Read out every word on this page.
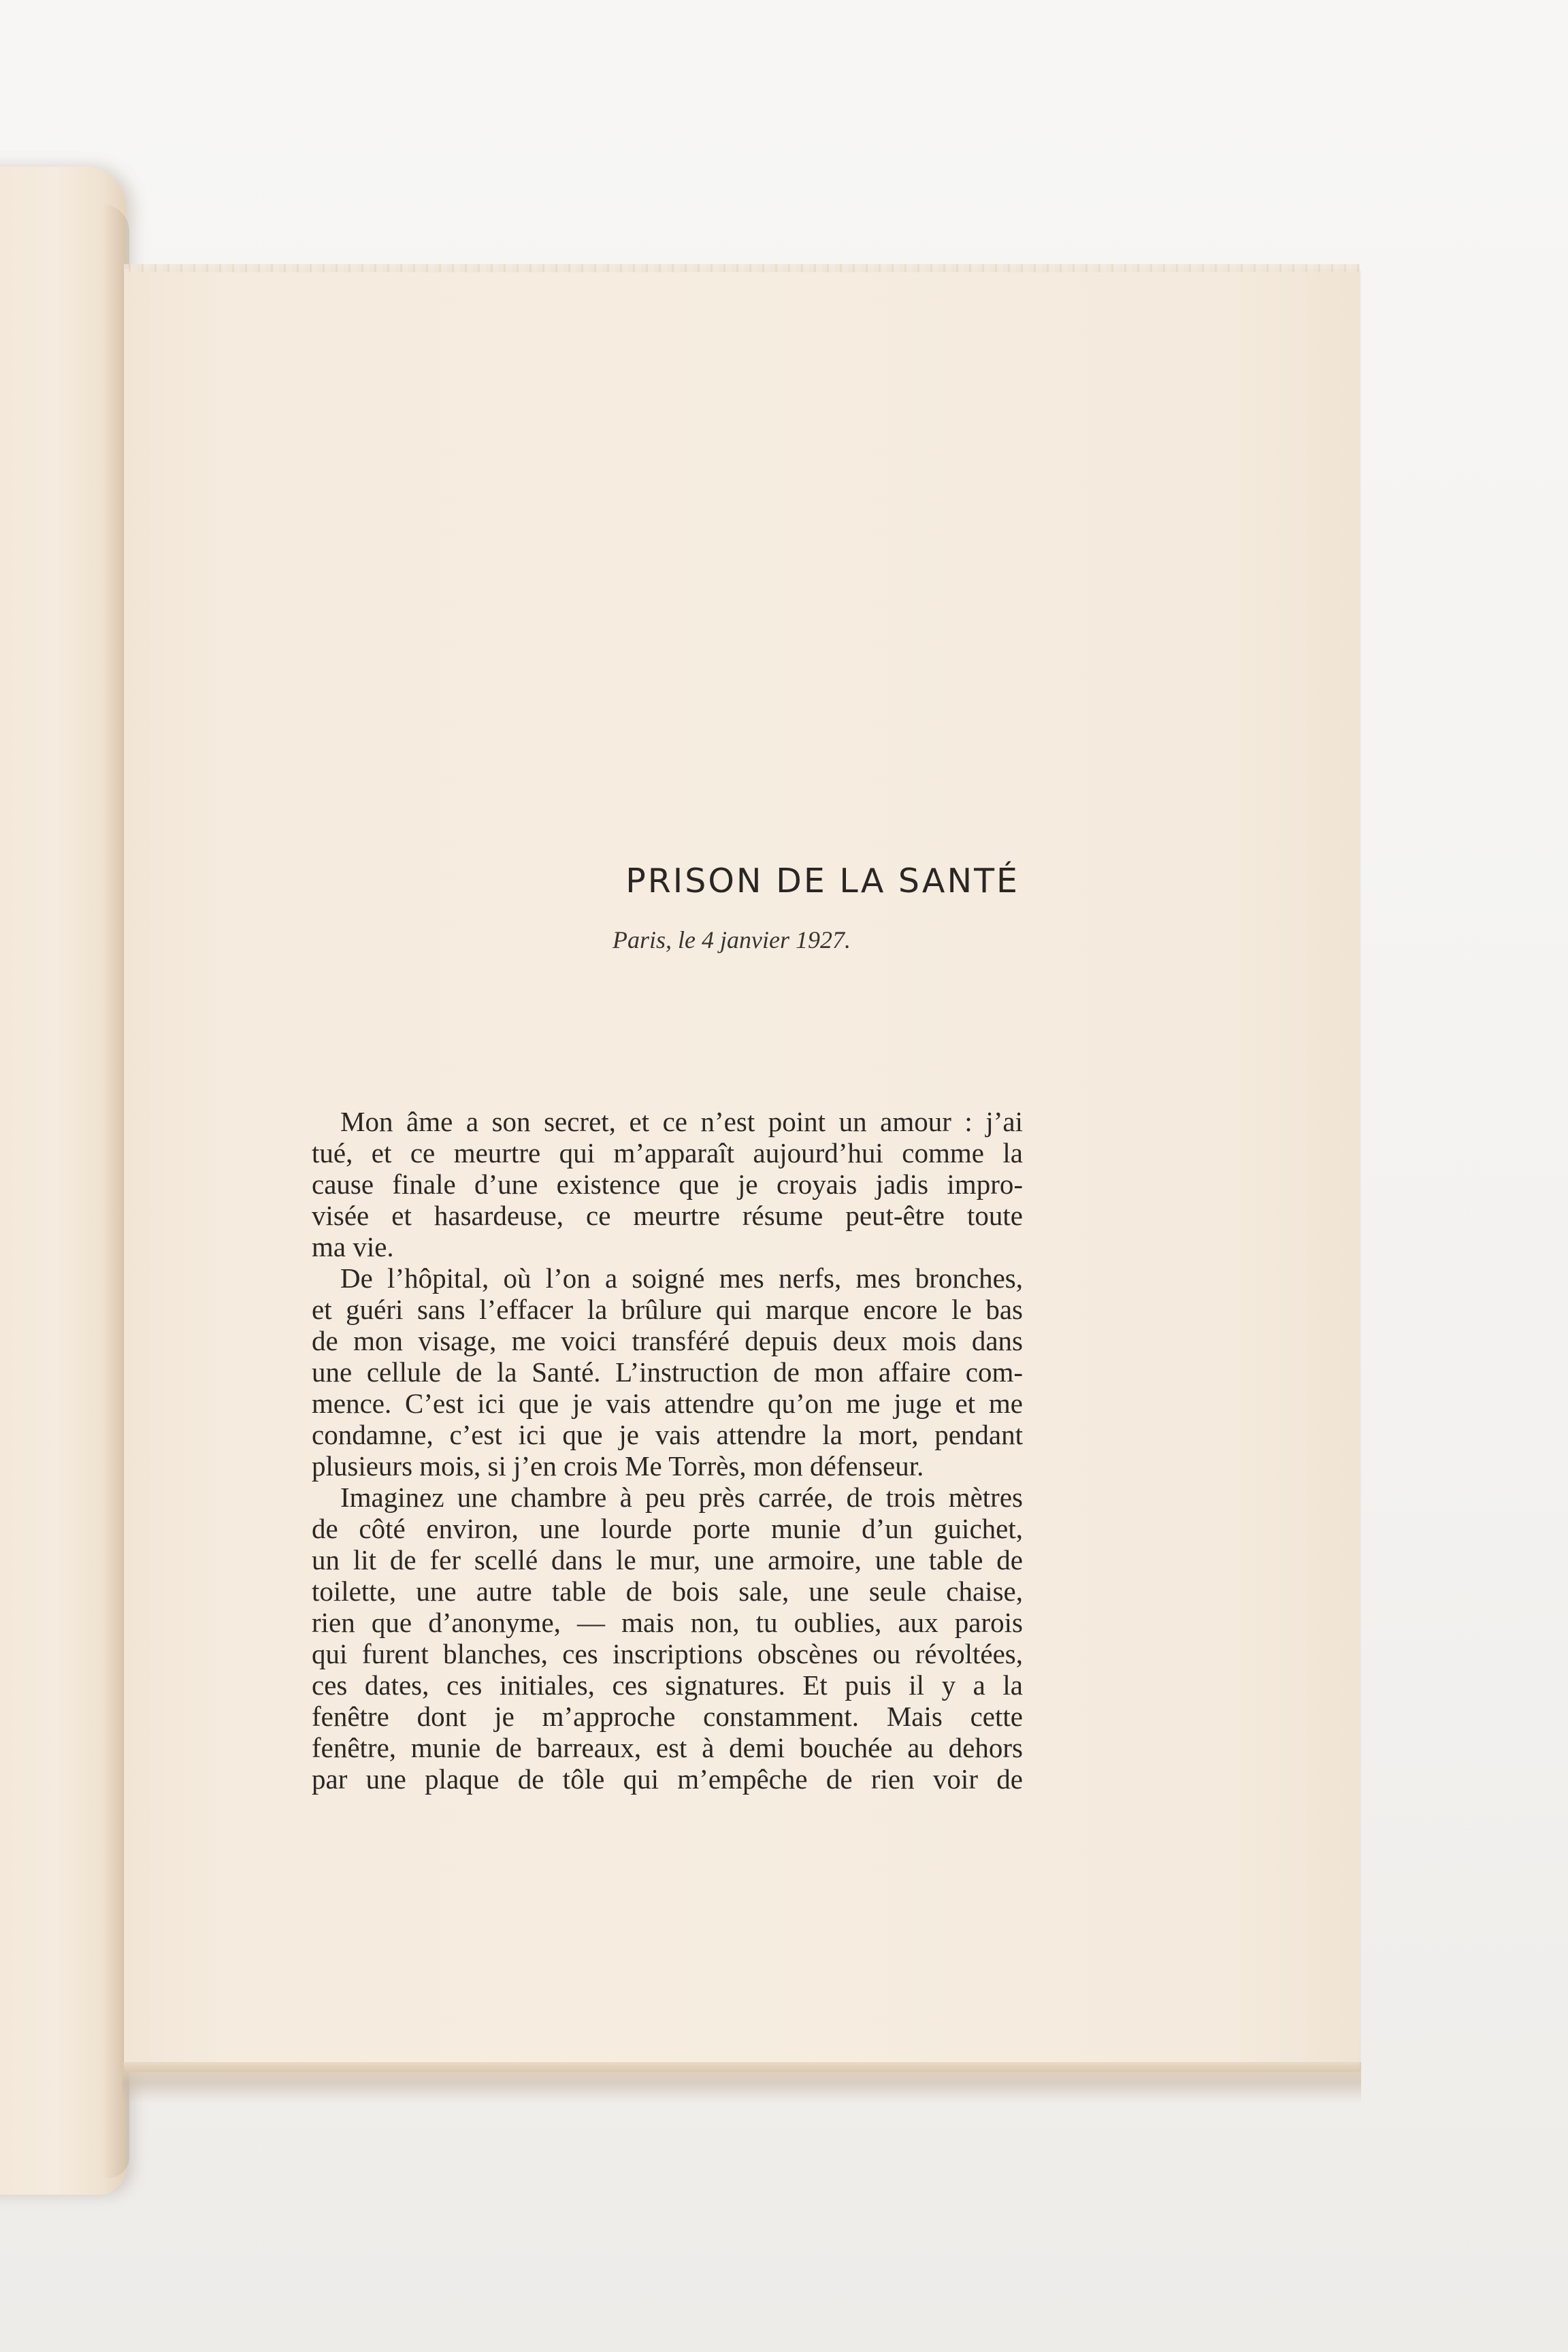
PRISON DE LA SANTÉ
Paris, le 4 janvier 1927.
Mon âme a son secret, et ce n’est point un amour : j’ai
tué, et ce meurtre qui m’apparaît aujourd’hui comme la
cause finale d’une existence que je croyais jadis impro-
visée et hasardeuse, ce meurtre résume peut-être toute
ma vie.
De l’hôpital, où l’on a soigné mes nerfs, mes bronches,
et guéri sans l’effacer la brûlure qui marque encore le bas
de mon visage, me voici transféré depuis deux mois dans
une cellule de la Santé. L’instruction de mon affaire com-
mence. C’est ici que je vais attendre qu’on me juge et me
condamne, c’est ici que je vais attendre la mort, pendant
plusieurs mois, si j’en crois Me Torrès, mon défenseur.
Imaginez une chambre à peu près carrée, de trois mètres
de côté environ, une lourde porte munie d’un guichet,
un lit de fer scellé dans le mur, une armoire, une table de
toilette, une autre table de bois sale, une seule chaise,
rien que d’anonyme, — mais non, tu oublies, aux parois
qui furent blanches, ces inscriptions obscènes ou révoltées,
ces dates, ces initiales, ces signatures. Et puis il y a la
fenêtre dont je m’approche constamment. Mais cette
fenêtre, munie de barreaux, est à demi bouchée au dehors
par une plaque de tôle qui m’empêche de rien voir de
